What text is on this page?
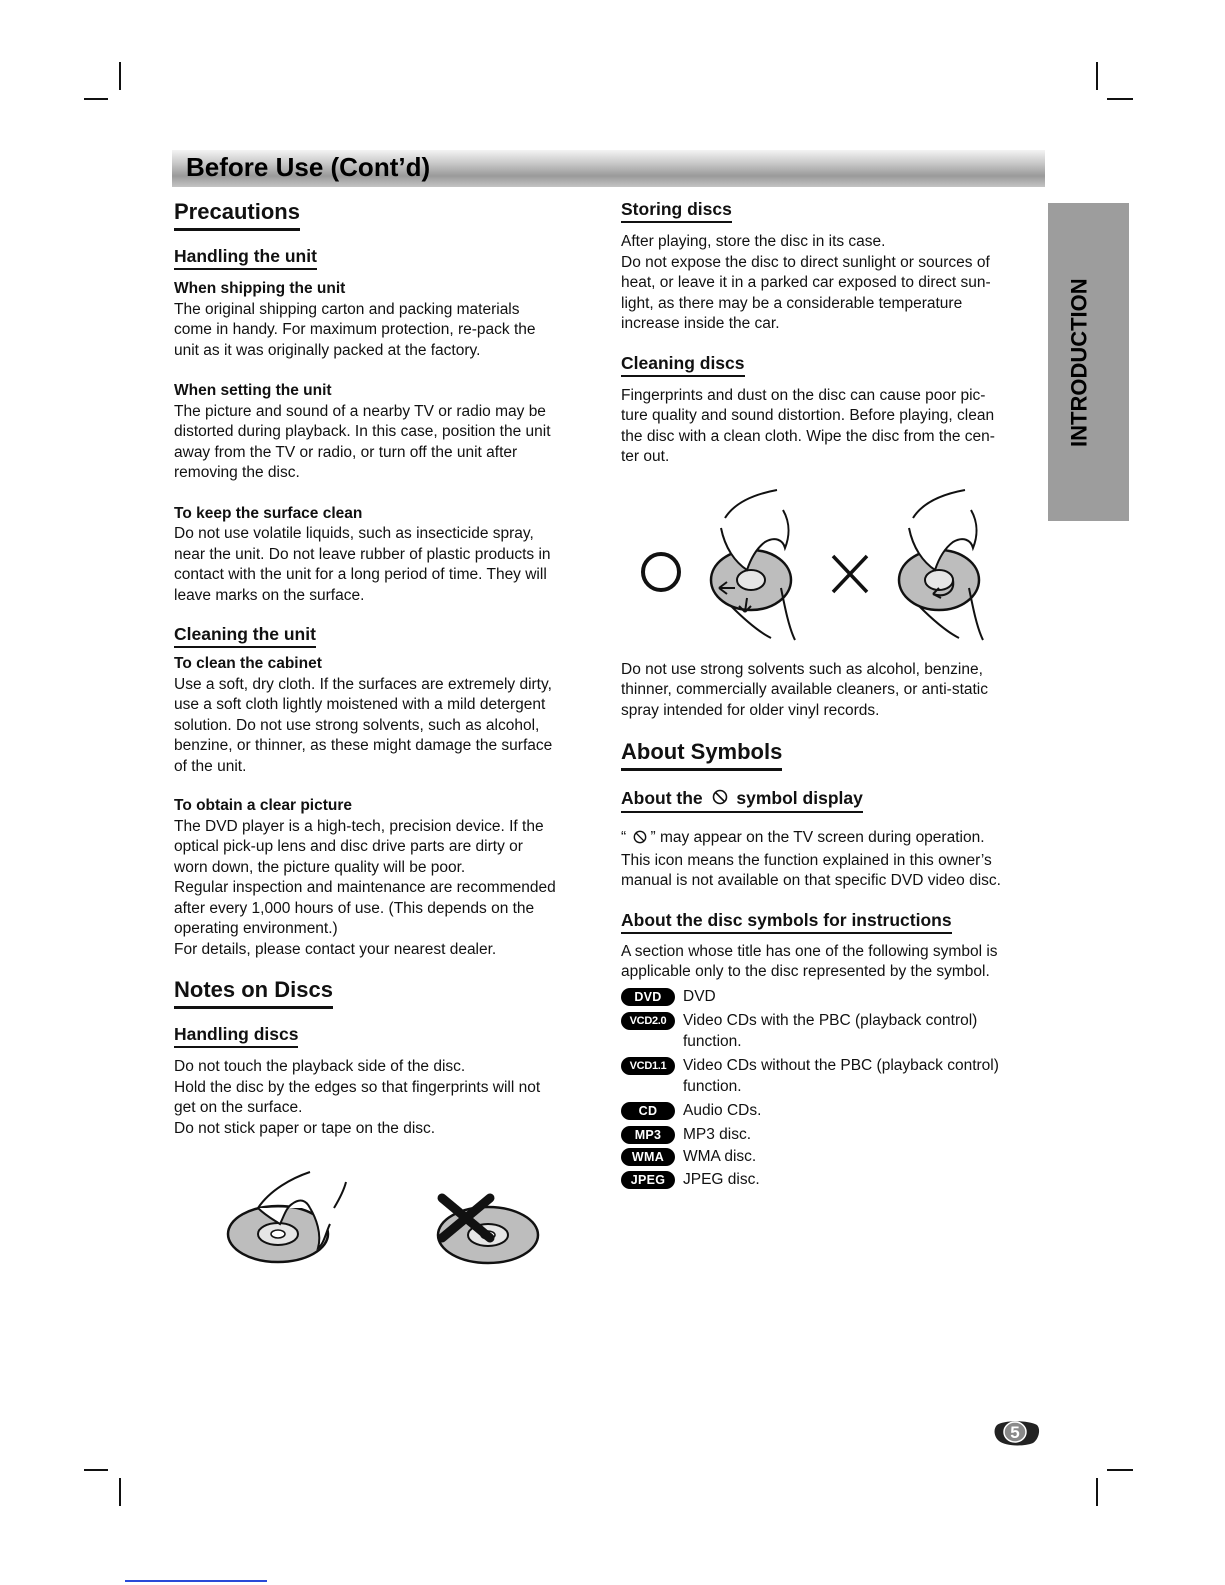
Before Use (Cont’d)
INTRODUCTION
Precautions
Handling the unit

When shipping the unit

The original shipping carton and packing materials

come in handy. For maximum protection, re-pack the

unit as it was originally packed at the factory.

When setting the unit

The picture and sound of a nearby TV or radio may be

distorted during playback. In this case, position the unit

away from the TV or radio, or turn off the unit after

removing the disc.

To keep the surface clean

Do not use volatile liquids, such as insecticide spray,

near the unit. Do not leave rubber of plastic products in

contact with the unit for a long period of time. They will

leave marks on the surface.

Cleaning the unit

To clean the cabinet

Use a soft, dry cloth. If the surfaces are extremely dirty,

use a soft cloth lightly moistened with a mild detergent

solution. Do not use strong solvents, such as alcohol,

benzine, or thinner, as these might damage the surface

of the unit.

To obtain a clear picture

The DVD player is a high-tech, precision device. If the

optical pick-up lens and disc drive parts are dirty or

worn down, the picture quality will be poor.

Regular inspection and maintenance are recommended

after every 1,000 hours of use. (This depends on the

operating environment.)

For details, please contact your nearest dealer.

Notes on Discs
Handling discs

Do not touch the playback side of the disc.

Hold the disc by the edges so that fingerprints will not

get on the surface.

Do not stick paper or tape on the disc.

Storing discs

After playing, store the disc in its case.

Do not expose the disc to direct sunlight or sources of

heat, or leave it in a parked car exposed to direct sun-

light, as there may be a considerable temperature

increase inside the car.

Cleaning discs

Fingerprints and dust on the disc can cause poor pic-

ture quality and sound distortion. Before playing, clean

the disc with a clean cloth. Wipe the disc from the cen-

ter out.

Do not use strong solvents such as alcohol, benzine,

thinner, commercially available cleaners, or anti-static

spray intended for older vinyl records.

About Symbols
About the symbol display

“ ” may appear on the TV screen during operation.

This icon means the function explained in this owner’s

manual is not available on that specific DVD video disc.

About the disc symbols for instructions

A section whose title has one of the following symbol is

applicable only to the disc represented by the symbol.

DVD	DVD
VCD2.0	Video CDs with the PBC (playback control)
function.
VCD1.1	Video CDs without the PBC (playback control)
function.
CD	Audio CDs.
MP3	MP3 disc.
WMA	WMA disc.
JPEG	JPEG disc.
5
